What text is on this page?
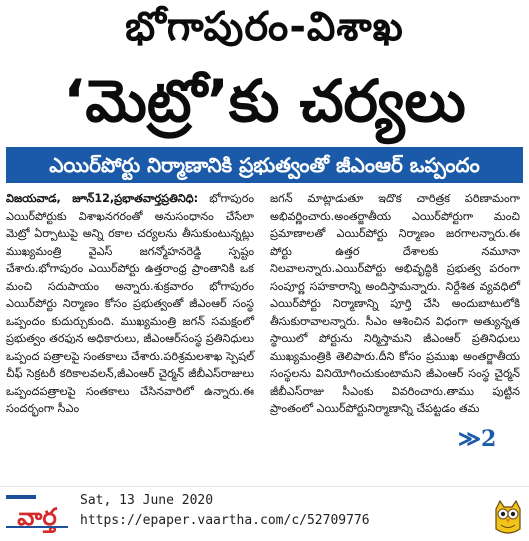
భోగాపురం-విశాఖ
‘మెట్రో’కు చర్యలు
ఎయిర్‌పోర్టు నిర్మాణానికి ప్రభుత్వంతో జీఎంఆర్‌ ఒప్పందం

విజయవాడ, జూన్‌12,ప్రభాతవార్తప్రతినిధి: భోగాపురం ఎయిర్‌పోర్టుకు విశాఖనగరంతో అనుసంధానం చేసేలా మెట్రో ఏర్పాటుపై అన్ని రకాల చర్యలను తీసుకుంటున్నట్లు ముఖ్యమంత్రి వైఎస్‌ జగన్మోహనరెడ్డి స్పష్టం చేశారు.భోగాపురం ఎయిర్‌పోర్టు ఉత్తరాంధ్ర ప్రాంతానికి ఒక మంచి సదుపాయం అన్నారు.శుక్రవారం భోగాపురం ఎయిర్‌పోర్టు నిర్మాణం కోసం ప్రభుత్వంతో జీఎంఆర్‌ సంస్థ ఒప్పందం కుదుర్చుకుంది. ముఖ్యమంత్రి జగన్‌ సమక్షంలో ప్రభుత్వం తరఫున అధికారులు, జీఎంఆర్‌సంస్థ ప్రతినిధులు ఒప్పంద పత్రాలపై సంతకాలు చేశారు.పరిశ్రమలశాఖ స్పెషల్‌ చీఫ్‌ సెక్రటరీ కరికాలవలన్‌,జీఎంఆర్‌ చైర్మన్‌ జీబీఎస్‌రాజులు ఒప్పందపత్రాలపై సంతకాలు చేసినవారిలో ఉన్నారు.ఈ సందర్భంగా సీఎం

జగన్‌ మాట్లాడుతూ ఇదొక చారిత్రక పరిణామంగా అభివర్ణించారు.అంతర్జాతీయ ఎయిర్‌పోర్టుగా మంచి ప్రమాణాలతో ఎయిర్‌పోర్టు నిర్మాణం జరగాలన్నారు.ఈ పోర్టు ఉత్తర దేశాలకు నమూనా నిలవాలన్నారు.ఎయిర్‌పోర్టు అభివృద్ధికి ప్రభుత్వ పరంగా సంపూర్ణ సహకారాన్ని అందిస్తామన్నారు. నిర్దేశిత వ్యవధిలో ఎయిర్‌పోర్టు నిర్మాణాన్ని పూర్తి చేసి అందుబాటులోకి తీసుకురావాలన్నారు. సీఎం ఆశించిన విధంగా అత్యున్నత స్థాయిలో పోర్టును నిర్మిస్తామని జీఎంఆర్‌ ప్రతినిధులు ముఖ్యమంత్రికి తెలిపారు.దీని కోసం ప్రముఖ అంతర్జాతీయ సంస్థలను వినియోగించుకుంటామని జీఎంఆర్‌ సంస్థ చైర్మన్‌ జీబీఎస్‌రాజు సీఎంకు వివరించారు.తాము పుట్టిన ప్రాంతంలో ఎయిర్‌పోర్టునిర్మాణాన్ని చేపట్టడం తమ

≫2
వార్త
Sat, 13 June 2020
https://epaper.vaartha.com/c/52709776
